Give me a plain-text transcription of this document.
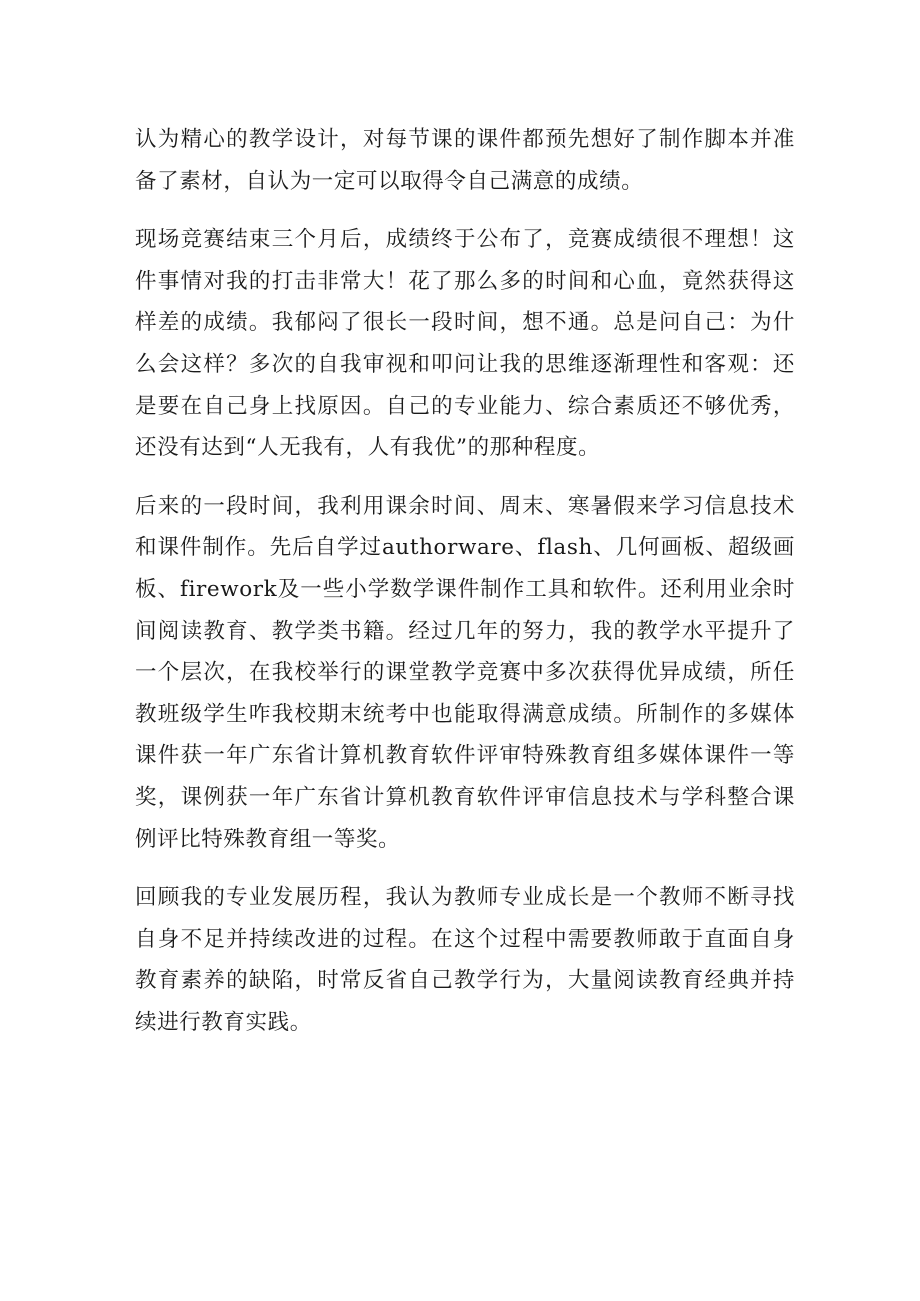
认为精心的教学设计，对每节课的课件都预先想好了制作脚本并准备了素材，自认为一定可以取得令自己满意的成绩。

现场竞赛结束三个月后，成绩终于公布了，竞赛成绩很不理想！这件事情对我的打击非常大！花了那么多的时间和心血，竟然获得这样差的成绩。我郁闷了很长一段时间，想不通。总是问自己：为什么会这样？多次的自我审视和叩问让我的思维逐渐理性和客观：还是要在自己身上找原因。自己的专业能力、综合素质还不够优秀，还没有达到“人无我有，人有我优”的那种程度。

后来的一段时间，我利用课余时间、周末、寒暑假来学习信息技术和课件制作。先后自学过authorware、flash、几何画板、超级画板、firework及一些小学数学课件制作工具和软件。还利用业余时间阅读教育、教学类书籍。经过几年的努力，我的教学水平提升了一个层次，在我校举行的课堂教学竞赛中多次获得优异成绩，所任教班级学生咋我校期末统考中也能取得满意成绩。所制作的多媒体课件获一年广东省计算机教育软件评审特殊教育组多媒体课件一等奖，课例获一年广东省计算机教育软件评审信息技术与学科整合课例评比特殊教育组一等奖。

回顾我的专业发展历程，我认为教师专业成长是一个教师不断寻找自身不足并持续改进的过程。在这个过程中需要教师敢于直面自身教育素养的缺陷，时常反省自己教学行为，大量阅读教育经典并持续进行教育实践。
